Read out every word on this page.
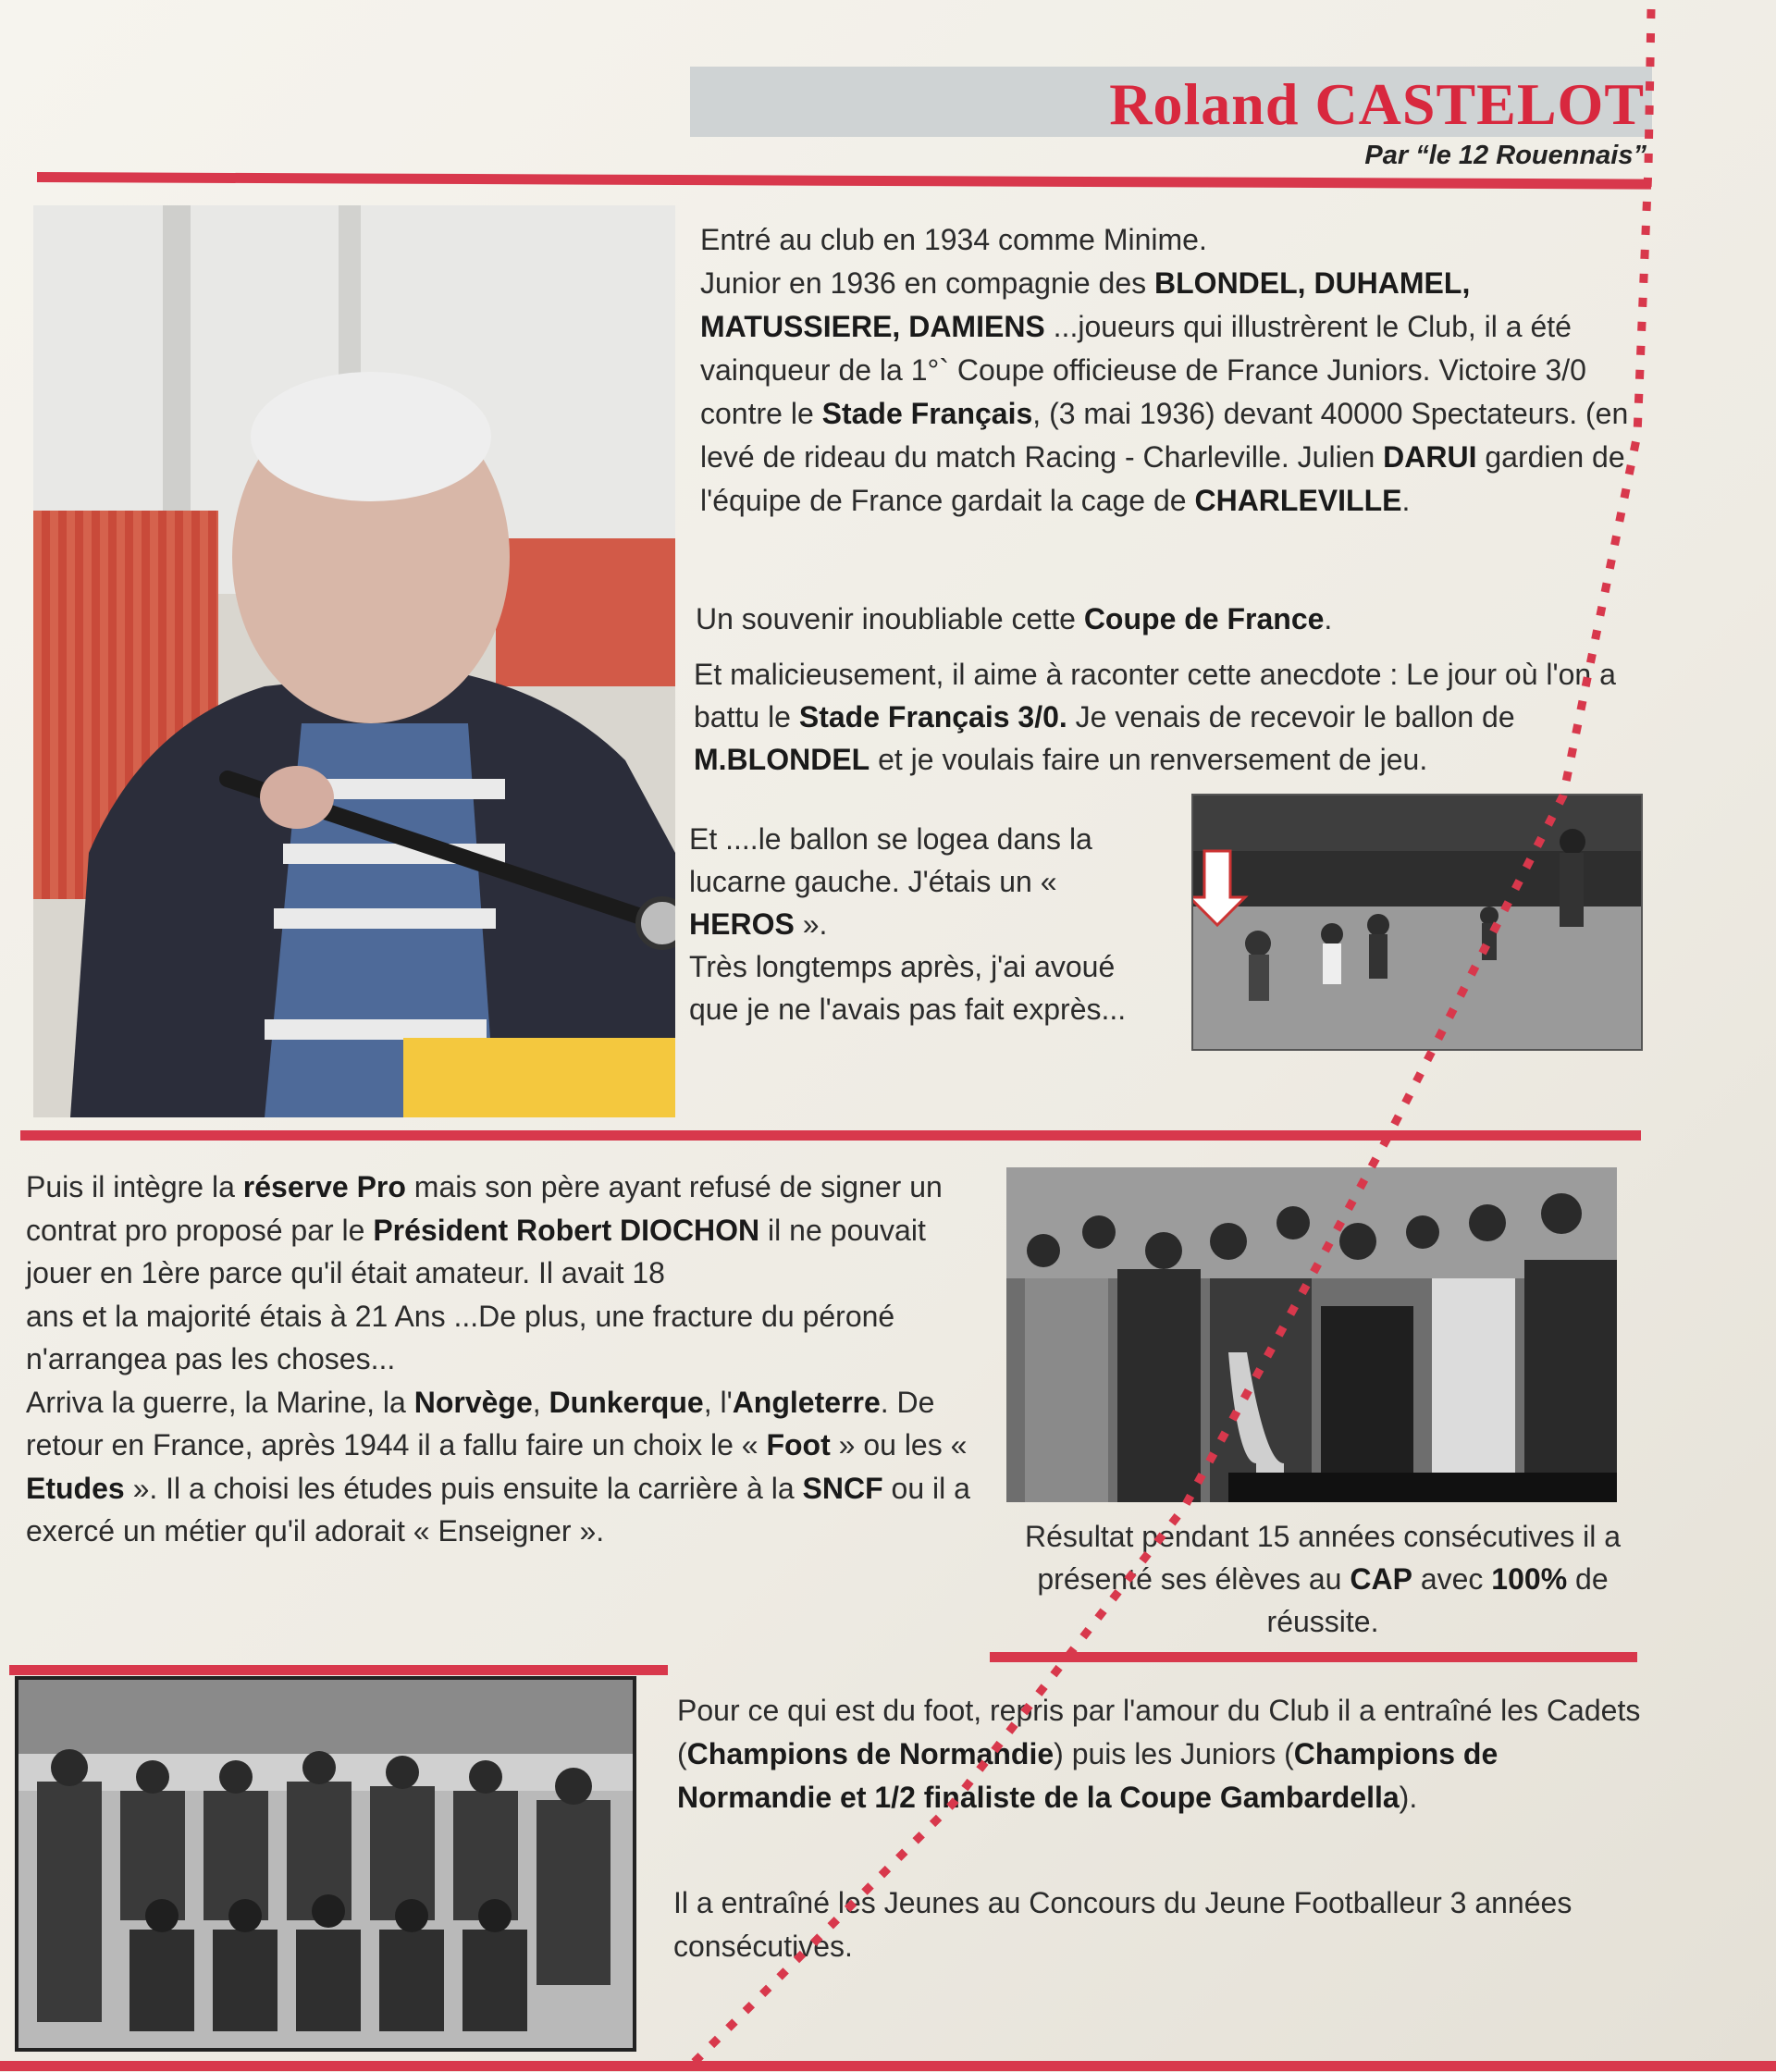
Roland CASTELOT
Par “le 12 Rouennais”

Entré au club en 1934 comme Minime.
Junior en 1936 en compagnie des BLONDEL, DUHAMEL, MATUSSIERE, DAMIENS ...joueurs qui illustrèrent le Club, il a été vainqueur de la 1°` Coupe officieuse de France Juniors. Victoire 3/0 contre le Stade Français, (3 mai 1936) devant 40000 Spectateurs. (en levé de rideau du match Racing - Charleville. Julien DARUI gardien de l'équipe de France gardait la cage de CHARLEVILLE.

Un souvenir inoubliable cette Coupe de France.

Et malicieusement, il aime à raconter cette anecdote : Le jour où l'on a battu le Stade Français 3/0. Je venais de recevoir le ballon de M.BLONDEL et je voulais faire un renversement de jeu.

Et ....le ballon se logea dans la lucarne gauche. J'étais un « HEROS ».
Très longtemps après, j'ai avoué que je ne l'avais pas fait exprès...

Puis il intègre la réserve Pro mais son père ayant refusé de signer un contrat pro proposé par le Président Robert DIOCHON il ne pouvait jouer en 1ère parce qu'il était amateur. Il avait 18
ans et la majorité étais à 21 Ans ...De plus, une fracture du péroné n'arrangea pas les choses...
Arriva la guerre, la Marine, la Norvège, Dunkerque, l'Angleterre. De retour en France, après 1944 il a fallu faire un choix le « Foot » ou les « Etudes ». Il a choisi les études puis ensuite la carrière à la SNCF ou il a exercé un métier qu'il adorait « Enseigner ».	Résultat pendant 15 années consécutives il a présenté ses élèves au CAP avec 100% de réussite.

Pour ce qui est du foot, repris par l'amour du Club il a entraîné les Cadets (Champions de Normandie) puis les Juniors (Champions de Normandie et 1/2 finaliste de la Coupe Gambardella).

Il a entraîné les Jeunes au Concours du Jeune Footballeur 3 années consécutives.
